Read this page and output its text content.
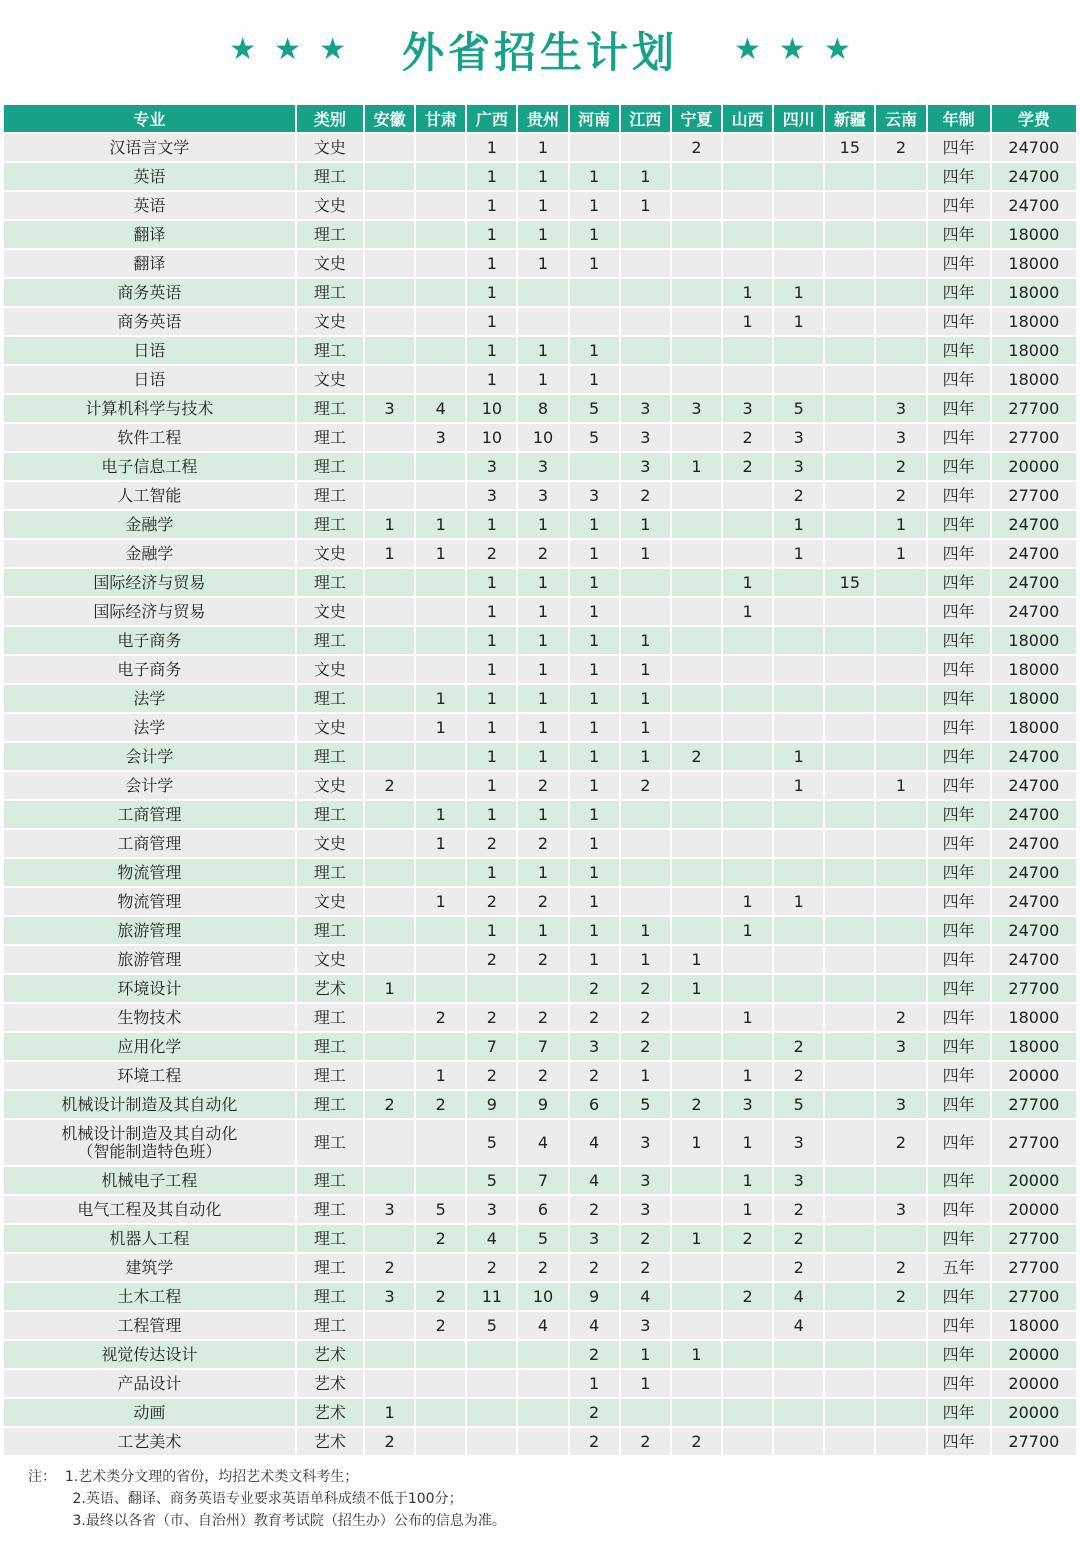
★ ★ ★ 外省招生计划 ★ ★ ★
专业	类别	安徽	甘肃	广西	贵州	河南	江西	宁夏	山西	四川	新疆	云南	年制	学费
汉语言文学	文史			1	1			2			15	2	四年	24700
英语	理工			1	1	1	1						四年	24700
英语	文史			1	1	1	1						四年	24700
翻译	理工			1	1	1							四年	18000
翻译	文史			1	1	1							四年	18000
商务英语	理工			1					1	1			四年	18000
商务英语	文史			1					1	1			四年	18000
日语	理工			1	1	1							四年	18000
日语	文史			1	1	1							四年	18000
计算机科学与技术	理工	3	4	10	8	5	3	3	3	5		3	四年	27700
软件工程	理工		3	10	10	5	3		2	3		3	四年	27700
电子信息工程	理工			3	3		3	1	2	3		2	四年	20000
人工智能	理工			3	3	3	2			2		2	四年	27700
金融学	理工	1	1	1	1	1	1			1		1	四年	24700
金融学	文史	1	1	2	2	1	1			1		1	四年	24700
国际经济与贸易	理工			1	1	1			1		15		四年	24700
国际经济与贸易	文史			1	1	1			1				四年	24700
电子商务	理工			1	1	1	1						四年	18000
电子商务	文史			1	1	1	1						四年	18000
法学	理工		1	1	1	1	1						四年	18000
法学	文史		1	1	1	1	1						四年	18000
会计学	理工			1	1	1	1	2		1			四年	24700
会计学	文史	2		1	2	1	2			1		1	四年	24700
工商管理	理工		1	1	1	1							四年	24700
工商管理	文史		1	2	2	1							四年	24700
物流管理	理工			1	1	1							四年	24700
物流管理	文史		1	2	2	1			1	1			四年	24700
旅游管理	理工			1	1	1	1		1				四年	24700
旅游管理	文史			2	2	1	1	1					四年	24700
环境设计	艺术	1				2	2	1					四年	27700
生物技术	理工		2	2	2	2	2		1			2	四年	18000
应用化学	理工			7	7	3	2			2		3	四年	18000
环境工程	理工		1	2	2	2	1		1	2			四年	20000
机械设计制造及其自动化	理工	2	2	9	9	6	5	2	3	5		3	四年	27700
机械设计制造及其自动化
（智能制造特色班）	理工			5	4	4	3	1	1	3		2	四年	27700
机械电子工程	理工			5	7	4	3		1	3			四年	20000
电气工程及其自动化	理工	3	5	3	6	2	3		1	2		3	四年	20000
机器人工程	理工		2	4	5	3	2	1	2	2			四年	27700
建筑学	理工	2		2	2	2	2			2		2	五年	27700
土木工程	理工	3	2	11	10	9	4		2	4		2	四年	27700
工程管理	理工		2	5	4	4	3			4			四年	18000
视觉传达设计	艺术					2	1	1					四年	20000
产品设计	艺术					1	1						四年	20000
动画	艺术	1				2							四年	20000
工艺美术	艺术	2				2	2	2					四年	27700
注：  1.艺术类分文理的省份，均招艺术类文科考生；
2.英语、翻译、商务英语专业要求英语单科成绩不低于100分；
3.最终以各省（市、自治州）教育考试院（招生办）公布的信息为准。
